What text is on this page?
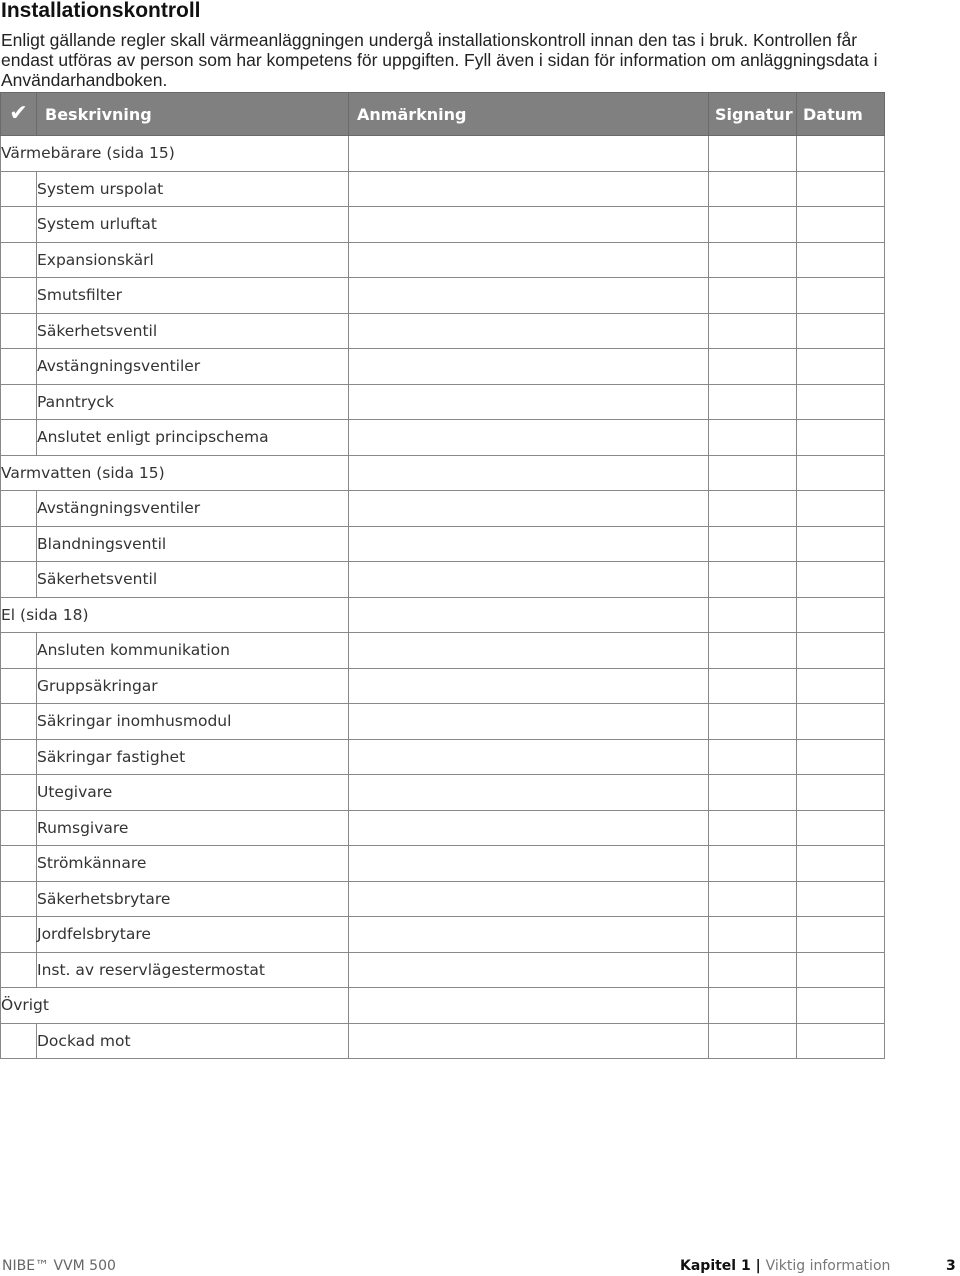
Installationskontroll
Enligt gällande regler skall värmeanläggningen undergå installationskontroll innan den tas i bruk. Kontrollen får endast utföras av person som har kompetens för uppgiften. Fyll även i sidan för information om anläggningsdata i Användarhandboken.
✔	Beskrivning	Anmärkning	Signatur	Datum
Värmebärare (sida 15)				
	System urspolat			
	System urluftat			
	Expansionskärl			
	Smutsfilter			
	Säkerhetsventil			
	Avstängningsventiler			
	Panntryck			
	Anslutet enligt principschema			
Varmvatten (sida 15)				
	Avstängningsventiler			
	Blandningsventil			
	Säkerhetsventil			
El (sida 18)				
	Ansluten kommunikation			
	Gruppsäkringar			
	Säkringar inomhusmodul			
	Säkringar fastighet			
	Utegivare			
	Rumsgivare			
	Strömkännare			
	Säkerhetsbrytare			
	Jordfelsbrytare			
	Inst. av reservlägestermostat			
Övrigt				
	Dockad mot			
NIBE™ VVM 500	Kapitel 1 | Viktig information	3
